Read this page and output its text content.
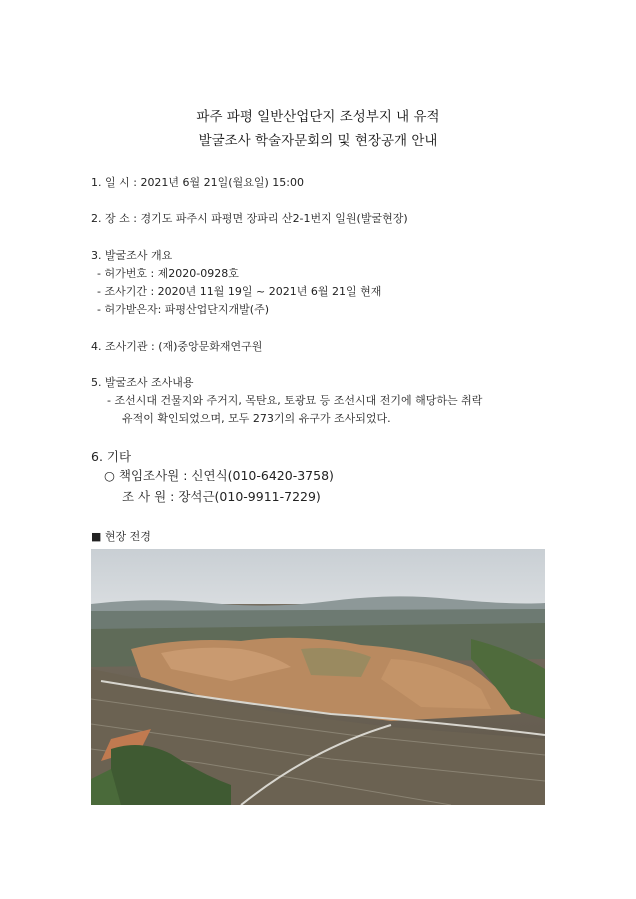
파주 파평 일반산업단지 조성부지 내 유적
발굴조사 학술자문회의 및 현장공개 안내
1. 일 시 : 2021년 6월 21일(월요일) 15:00
2. 장 소 : 경기도 파주시 파평면 장파리 산2-1번지 일원(발굴현장)
3. 발굴조사 개요
- 허가번호 : 제2020-0928호
- 조사기간 : 2020년 11월 19일 ~ 2021년 6월 21일 현재
- 허가받은자: 파평산업단지개발(주)
4. 조사기관 : (재)중앙문화재연구원
5. 발굴조사 조사내용
- 조선시대 건물지와 주거지, 목탄요, 토광묘 등 조선시대 전기에 해당하는 취락
유적이 확인되었으며, 모두 273기의 유구가 조사되었다.
6. 기타
○ 책임조사원 : 신연식(010-6420-3758)
조 사 원 : 장석근(010-9911-7229)
■ 현장 전경
